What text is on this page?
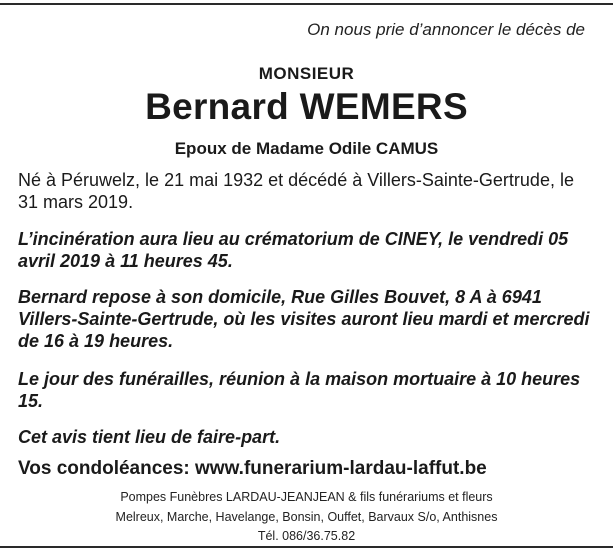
On nous prie d’annoncer le décès de
MONSIEUR
Bernard WEMERS
Epoux de Madame Odile CAMUS

Né à Péruwelz, le 21 mai 1932 et décédé à Villers-Sainte-Gertrude, le 31 mars 2019.

L’incinération aura lieu au crématorium de CINEY, le vendredi 05 avril 2019 à 11 heures 45.

Bernard repose à son domicile, Rue Gilles Bouvet, 8 A à 6941 Villers-Sainte-Gertrude, où les visites auront lieu mardi et mercredi de 16 à 19 heures.

Le jour des funérailles, réunion à la maison mortuaire à 10 heures 15.

Cet avis tient lieu de faire-part.

Vos condoléances: www.funerarium-lardau-laffut.be
Pompes Funèbres LARDAU-JEANJEAN & fils funérariums et fleurs
Melreux, Marche, Havelange, Bonsin, Ouffet, Barvaux S/o, Anthisnes
Tél. 086/36.75.82
